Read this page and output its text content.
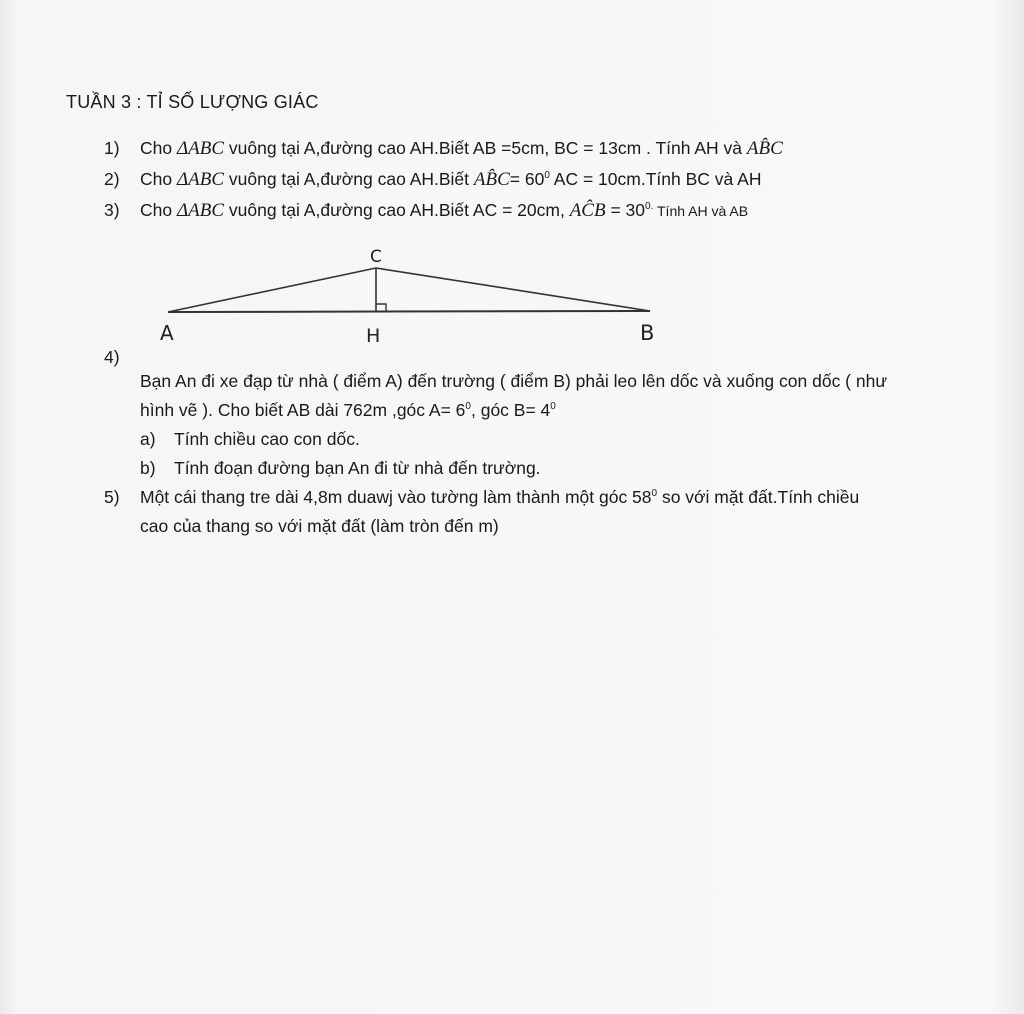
TUẦN 3 : TỈ SỐ LƯỢNG GIÁC
1) Cho ΔABC vuông tại A,đường cao AH.Biết AB =5cm, BC = 13cm . Tính AH và AB̂C
2) Cho ΔABC vuông tại A,đường cao AH.Biết AB̂C= $60^0$ AC = 10cm.Tính BC và AH
3) Cho ΔABC vuông tại A,đường cao AH.Biết AC = 20cm, AĈB = $30^{0.}$ Tính AH và AB
C
A	H	B
4)
Bạn An đi xe đạp từ nhà ( điểm A) đến trường ( điểm B) phải leo lên dốc và xuống con dốc ( như
hình vẽ ). Cho biết AB dài 762m ,góc $A= 6^0$, góc $B= 4^0$
a) Tính chiều cao con dốc.
b) Tính đoạn đường bạn An đi từ nhà đến trường.
5) Một cái thang tre dài 4,8m duawj vào tường làm thành một góc $58^0$ so với mặt đất.Tính chiều
cao của thang so với mặt đất (làm tròn đến m)
